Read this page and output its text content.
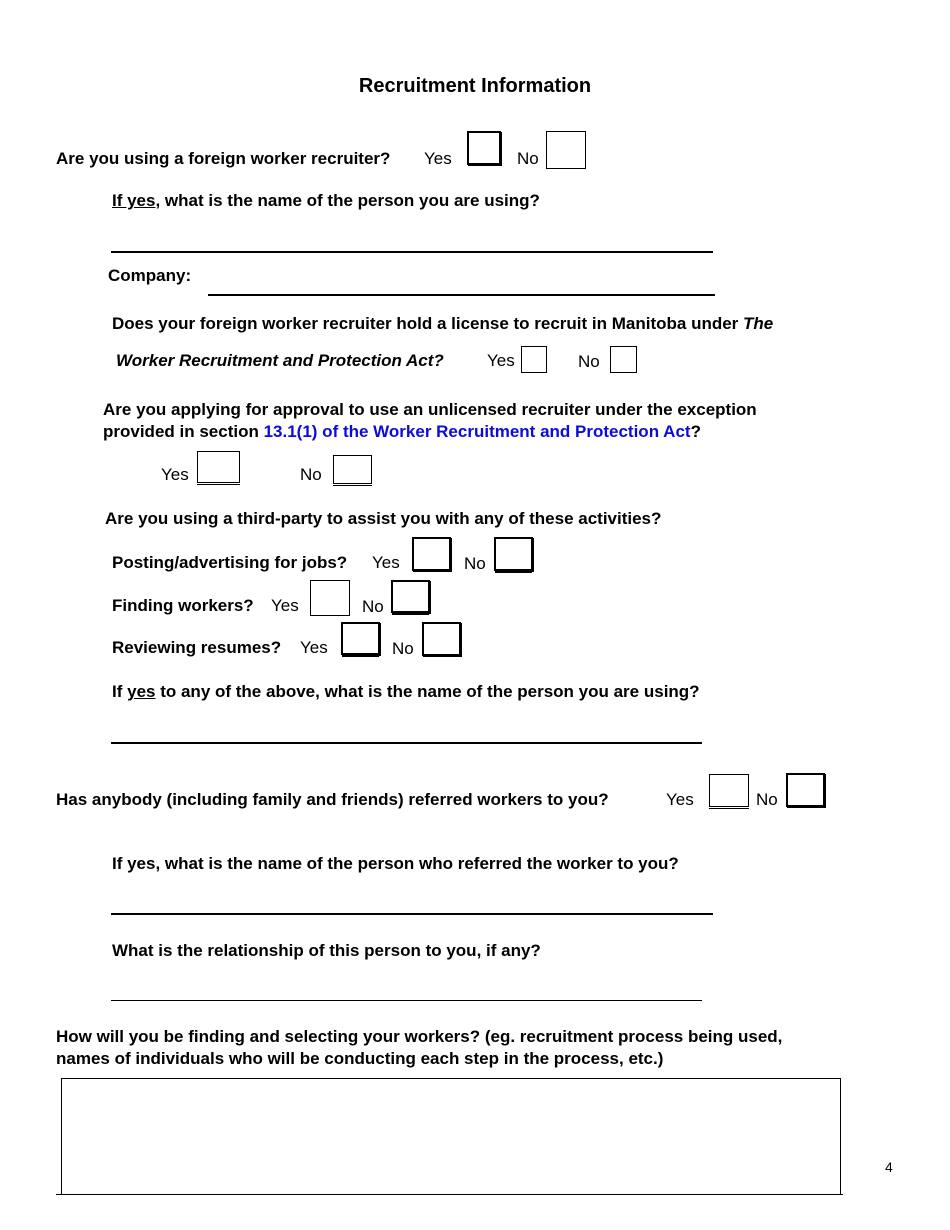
Recruitment Information
Are you using a foreign worker recruiter? Yes	No
If yes, what is the name of the person you are using?
Company:
Does your foreign worker recruiter hold a license to recruit in Manitoba under The
Worker Recruitment and Protection Act?	Yes	No
Are you applying for approval to use an unlicensed recruiter under the exception
provided in section 13.1(1) of the Worker Recruitment and Protection Act?
Yes	No
Are you using a third-party to assist you with any of these activities?
Posting/advertising for jobs? Yes	No
Finding workers? Yes	No
Reviewing resumes? Yes	No
If yes to any of the above, what is the name of the person you are using?
Has anybody (including family and friends) referred workers to you?	Yes	No
If yes, what is the name of the person who referred the worker to you?
What is the relationship of this person to you, if any?
How will you be finding and selecting your workers? (eg. recruitment process being used,
names of individuals who will be conducting each step in the process, etc.)
4
